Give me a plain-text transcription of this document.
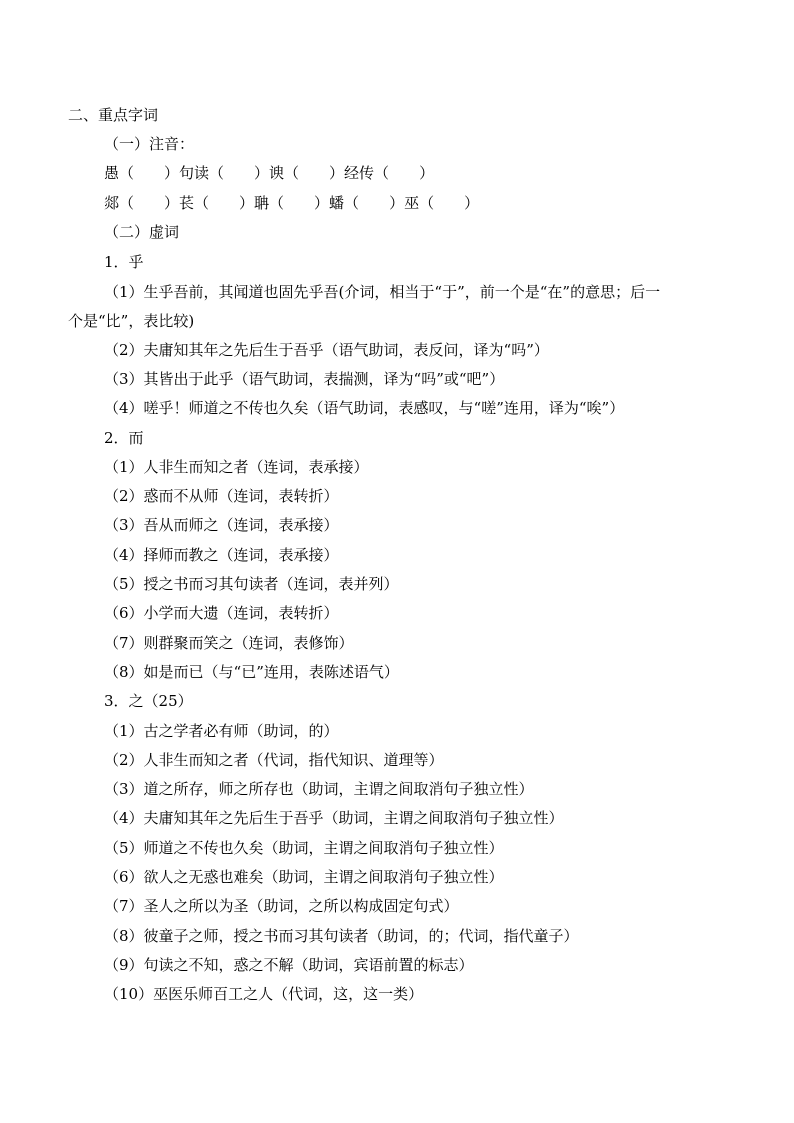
二、重点字词
（一）注音：
愚（ ）句读（ ）谀（ ）经传（ ）
郯（ ）苌（ ）聃（ ）蟠（ ）巫（ ）
（二）虚词
1．乎
（1）生乎吾前，其闻道也固先乎吾(介词，相当于“于”，前一个是“在”的意思；后一
个是“比”，表比较)
（2）夫庸知其年之先后生于吾乎（语气助词，表反问，译为“吗”）
（3）其皆出于此乎（语气助词，表揣测，译为“吗”或“吧”）
（4）嗟乎！师道之不传也久矣（语气助词，表感叹，与“嗟”连用，译为“唉”）
2．而
（1）人非生而知之者（连词，表承接）
（2）惑而不从师（连词，表转折）
（3）吾从而师之（连词，表承接）
（4）择师而教之（连词，表承接）
（5）授之书而习其句读者（连词，表并列）
（6）小学而大遗（连词，表转折）
（7）则群聚而笑之（连词，表修饰）
（8）如是而已（与“已”连用，表陈述语气）
3．之（25）
（1）古之学者必有师（助词，的）
（2）人非生而知之者（代词，指代知识、道理等）
（3）道之所存，师之所存也（助词，主谓之间取消句子独立性）
（4）夫庸知其年之先后生于吾乎（助词，主谓之间取消句子独立性）
（5）师道之不传也久矣（助词，主谓之间取消句子独立性）
（6）欲人之无惑也难矣（助词，主谓之间取消句子独立性）
（7）圣人之所以为圣（助词，之所以构成固定句式）
（8）彼童子之师，授之书而习其句读者（助词，的；代词，指代童子）
（9）句读之不知，惑之不解（助词，宾语前置的标志）
（10）巫医乐师百工之人（代词，这，这一类）
